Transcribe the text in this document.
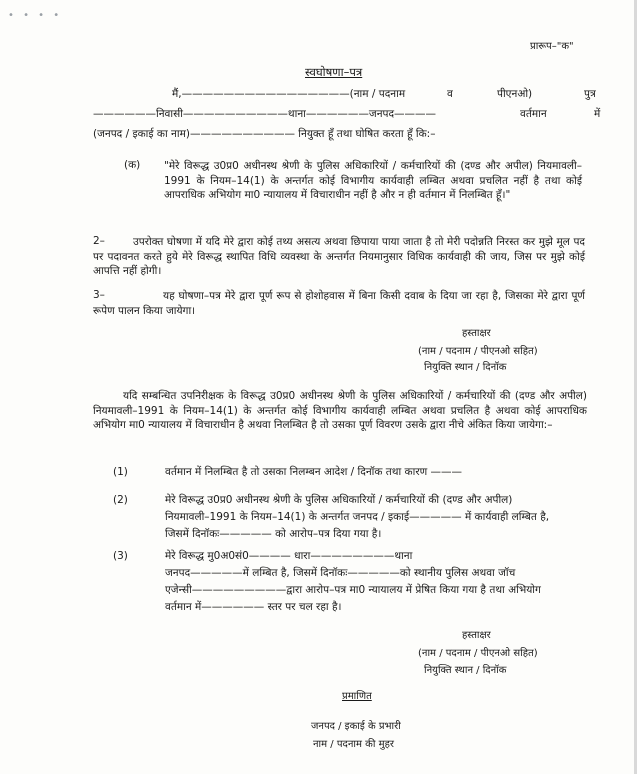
• • • •
प्रारूप–"क"
स्वघोषणा–पत्र
मैं,————————————————(नाम / पदनाम	व	पीएनओ)	पुत्र
——————निवासी——————————थाना——————जनपद————	वर्तमान	में
(जनपद / इकाई का नाम)—————————— नियुक्त हूँ तथा घोषित करता हूँ कि:–
(क) "मेरे विरूद्ध उ0प्र0 अधीनस्थ श्रेणी के पुलिस अधिकारियों / कर्मचारियों की (दण्ड और अपील) नियमावली–1991 के नियम–14(1) के अन्तर्गत कोई विभागीय कार्यवाही लम्बित अथवा प्रचलित नहीं है तथा कोई आपराधिक अभियोग मा0 न्यायालय में विचाराधीन नहीं है और न ही वर्तमान में निलम्बित हूँ।"
2–	उपरोक्त घोषणा में यदि मेरे द्वारा कोई तथ्य असत्य अथवा छिपाया पाया जाता है तो मेरी पदोन्नति निरस्त कर मुझे मूल पद पर पदावनत करते हुये मेरे विरूद्ध स्थापित विधि व्यवस्था के अन्तर्गत नियमानुसार विधिक कार्यवाही की जाय, जिस पर मुझे कोई आपत्ति नहीं होगी।
3–	यह घोषणा–पत्र मेरे द्वारा पूर्ण रूप से होशोहवास में बिना किसी दवाब के दिया जा रहा है, जिसका मेरे द्वारा पूर्ण रूपेण पालन किया जायेगा।
हस्ताक्षर
(नाम / पदनाम / पीएनओ सहित)
नियुक्ति स्थान / दिनॉक
यदि सम्बन्धित उपनिरीक्षक के विरूद्ध उ0प्र0 अधीनस्थ श्रेणी के पुलिस अधिकारियों / कर्मचारियों की (दण्ड और अपील) नियमावली–1991 के नियम–14(1) के अन्तर्गत कोई विभागीय कार्यवाही लम्बित अथवा प्रचलित है अथवा कोई आपराधिक अभियोग मा0 न्यायालय में विचाराधीन है अथवा निलम्बित है तो उसका पूर्ण विवरण उसके द्वारा नीचे अंकित किया जायेगा:–
(1)	वर्तमान में निलम्बित है तो उसका निलम्बन आदेश / दिनॉक तथा कारण ———
(2)	मेरे विरूद्ध उ0प्र0 अधीनस्थ श्रेणी के पुलिस अधिकारियों / कर्मचारियों की (दण्ड और अपील)
नियमावली–1991 के नियम–14(1) के अन्तर्गत जनपद / इकाई————— में कार्यवाही लम्बित है,
जिसमें दिनॉकः————— को आरोप–पत्र दिया गया है।
(3)	मेरे विरूद्ध मु0अ0सं0———— धारा————————थाना
जनपद—————में लम्बित है, जिसमें दिनॉकः—————को स्थानीय पुलिस अथवा जॉच
एजेन्सी—————————द्वारा आरोप–पत्र मा0 न्यायालय में प्रेषित किया गया है तथा अभियोग
वर्तमान में—————— स्तर पर चल रहा है।
हस्ताक्षर
(नाम / पदनाम / पीएनओ सहित)
नियुक्ति स्थान / दिनॉक
प्रमाणित
जनपद / इकाई के प्रभारी
नाम / पदनाम की मुहर
